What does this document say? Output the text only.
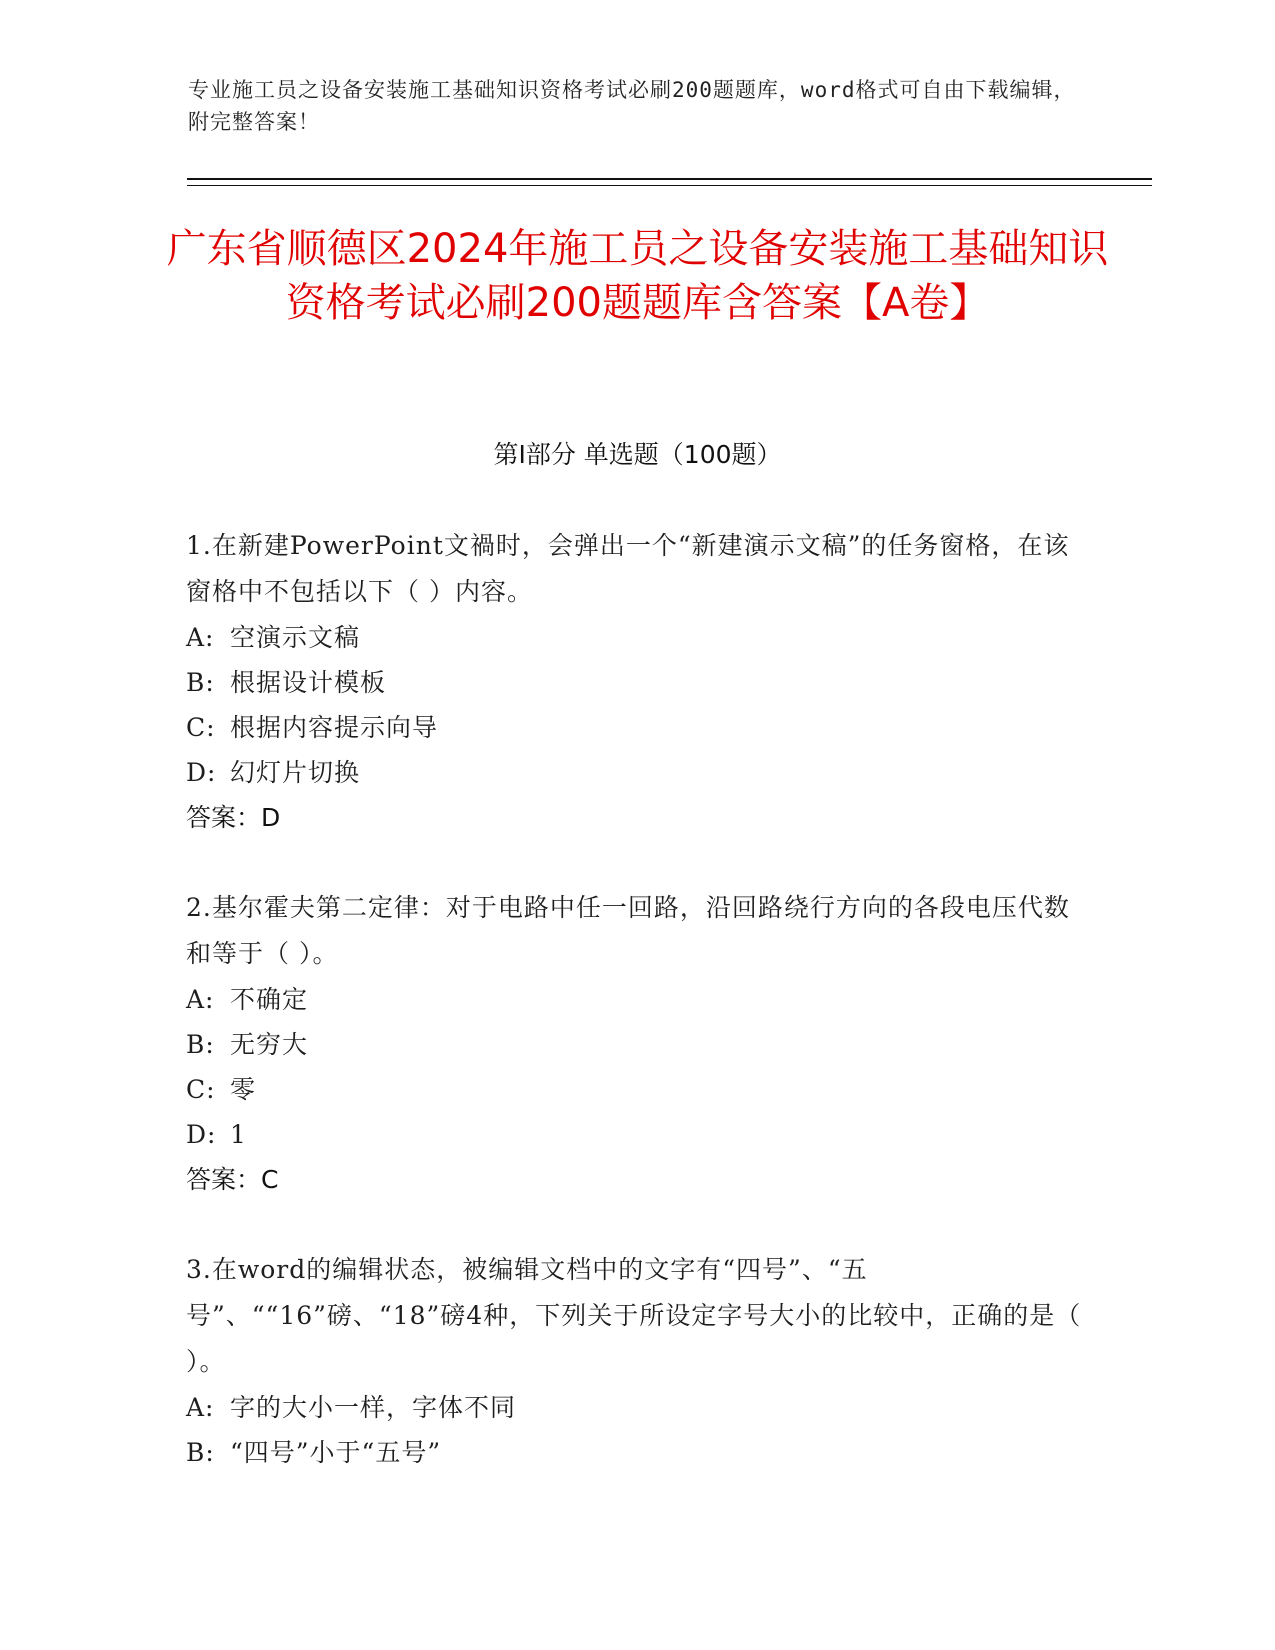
专业施工员之设备安装施工基础知识资格考试必刷200题题库，word格式可自由下载编辑，附完整答案！
广东省顺德区2024年施工员之设备安装施工基础知识资格考试必刷200题题库含答案【A卷】
第I部分 单选题（100题）
1.在新建PowerPoint文禍时，会弹出一个“新建演示文稿”的任务窗格，在该窗格中不包括以下（ ）内容。
A: 空演示文稿
B: 根据设计模板
C: 根据内容提示向导
D: 幻灯片切换
答案：D
2.基尔霍夫第二定律：对于电路中任一回路，沿回路绕行方向的各段电压代数和等于（ ）。
A: 不确定
B: 无穷大
C: 零
D: 1
答案：C
3.在word的编辑状态，被编辑文档中的文字有“四号”、“五号”、““16”磅、“18”磅4种，下列关于所设定字号大小的比较中，正确的是（ ）。
A: 字的大小一样，字体不同
B: “四号”小于“五号”
